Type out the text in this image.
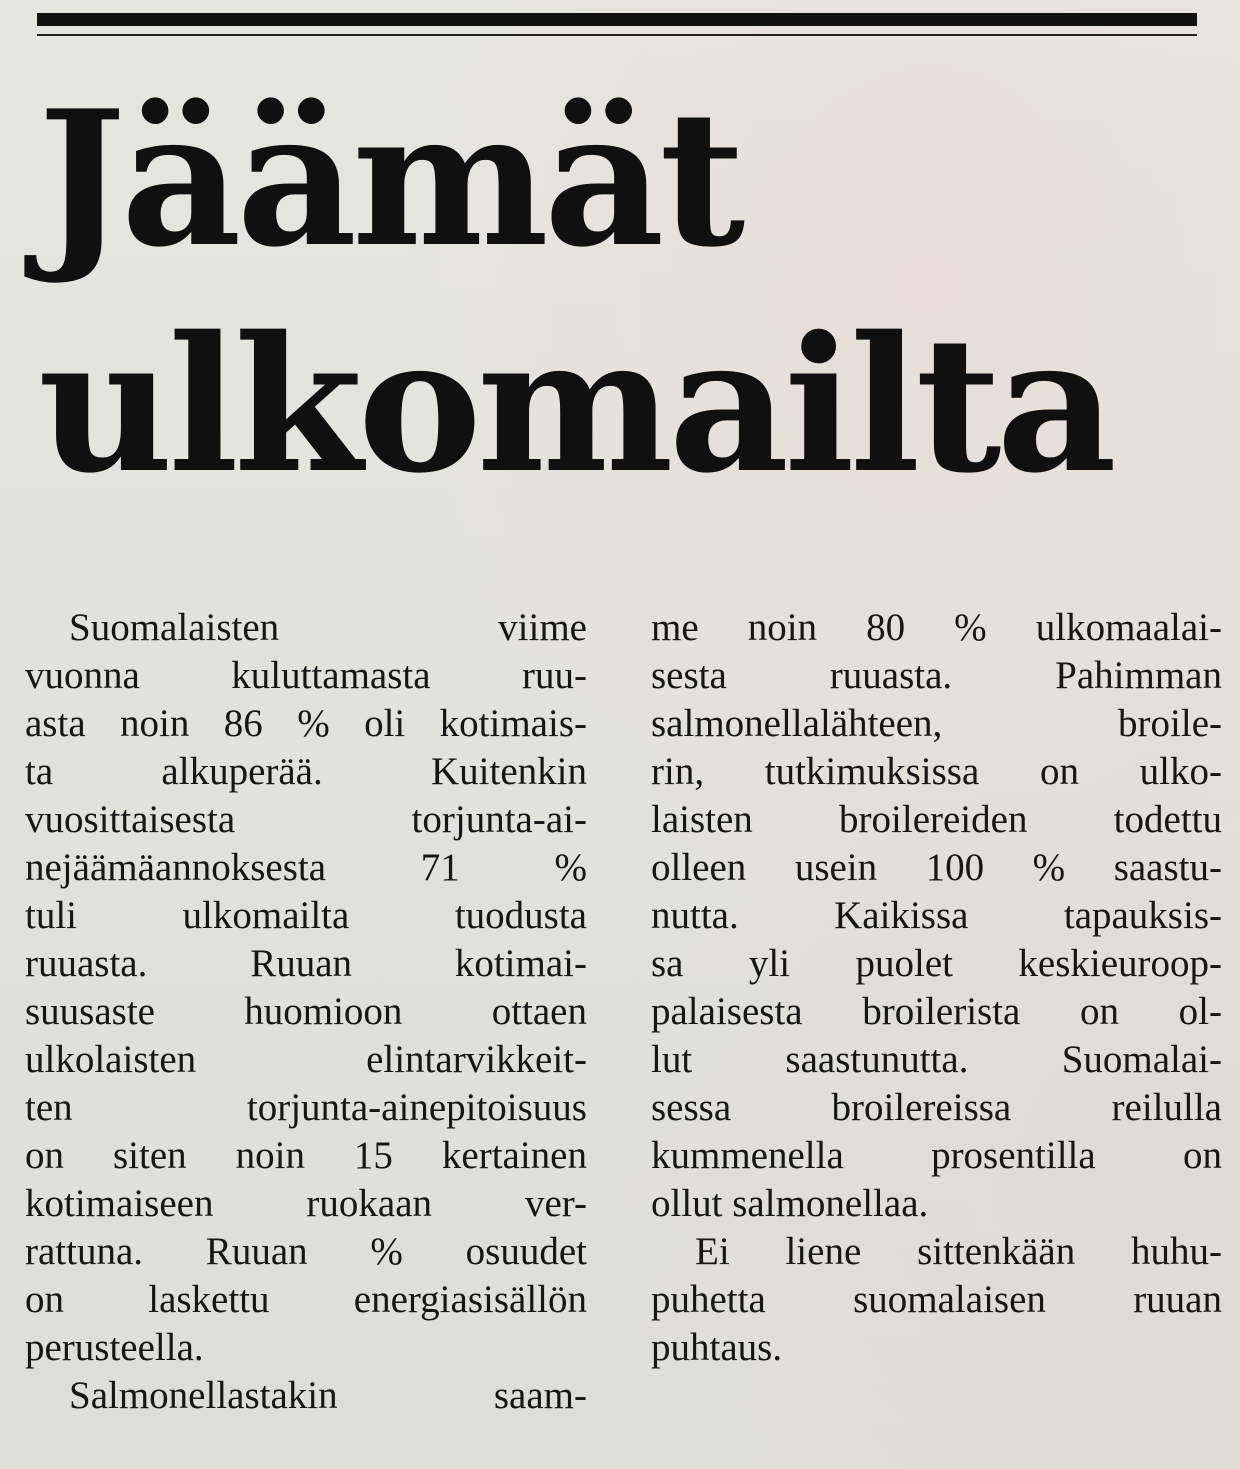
Jäämät
ulkomailta
Suomalaisten viime
vuonna kuluttamasta ruu-
asta noin 86 % oli kotimais-
ta alkuperää. Kuitenkin
vuosittaisesta torjunta-ai-
nejäämäannoksesta 71 %
tuli ulkomailta tuodusta
ruuasta. Ruuan kotimai-
suusaste huomioon ottaen
ulkolaisten elintarvikkeit-
ten torjunta-ainepitoisuus
on siten noin 15 kertainen
kotimaiseen ruokaan ver-
rattuna. Ruuan % osuudet
on laskettu energiasisällön
perusteella.
Salmonellastakin saam-
me noin 80 % ulkomaalai-
sesta ruuasta. Pahimman
salmonellalähteen, broile-
rin, tutkimuksissa on ulko-
laisten broilereiden todettu
olleen usein 100 % saastu-
nutta. Kaikissa tapauksis-
sa yli puolet keskieuroop-
palaisesta broilerista on ol-
lut saastunutta. Suomalai-
sessa broilereissa reilulla
kummenella prosentilla on
ollut salmonellaa.
Ei liene sittenkään huhu-
puhetta suomalaisen ruuan
puhtaus.
